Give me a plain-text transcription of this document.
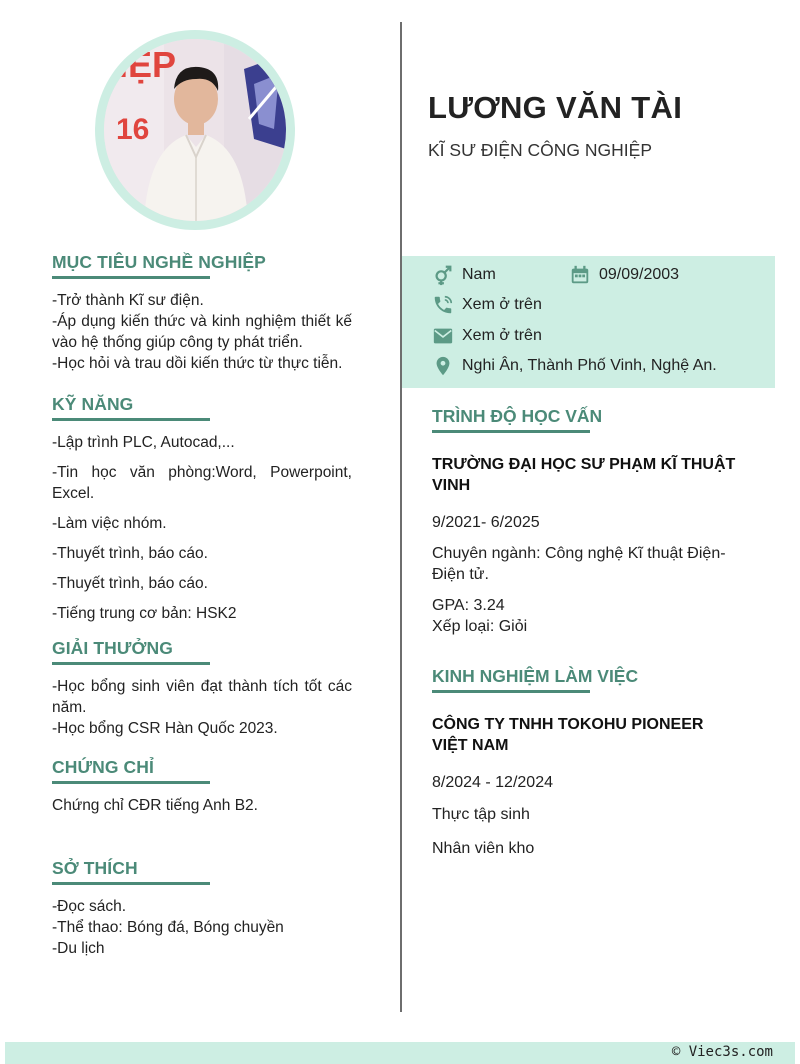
IỆP
16
LƯƠNG VĂN TÀI
KĨ SƯ ĐIỆN CÔNG NGHIỆP
Nam	09/09/2003
Xem ở trên
Xem ở trên
Nghi Ân, Thành Phố Vinh, Nghệ An.
MỤC TIÊU NGHỀ NGHIỆP
-Trở thành Kĩ sư điện.
-Áp dụng kiến thức và kinh nghiệm thiết kế vào hệ thống giúp công ty phát triển.
-Học hỏi và trau dồi kiến thức từ thực tiễn.
KỸ NĂNG
-Lập trình PLC, Autocad,...
-Tin học văn phòng:Word, Powerpoint, Excel.
-Làm việc nhóm.
-Thuyết trình, báo cáo.
-Thuyết trình, báo cáo.
-Tiếng trung cơ bản: HSK2
GIẢI THƯỞNG
-Học bổng sinh viên đạt thành tích tốt các năm.
-Học bổng CSR Hàn Quốc 2023.
CHỨNG CHỈ
Chứng chỉ CĐR tiếng Anh B2.
SỞ THÍCH
-Đọc sách.
-Thể thao: Bóng đá, Bóng chuyền
-Du lịch
TRÌNH ĐỘ HỌC VẤN
TRƯỜNG ĐẠI HỌC SƯ PHẠM KĨ THUẬT VINH
9/2021- 6/2025
Chuyên ngành: Công nghệ Kĩ thuật Điện-Điện tử.
GPA: 3.24
Xếp loại: Giỏi
KINH NGHIỆM LÀM VIỆC
CÔNG TY TNHH TOKOHU PIONEER VIỆT NAM
8/2024 - 12/2024
Thực tập sinh
Nhân viên kho
© Viec3s.com
